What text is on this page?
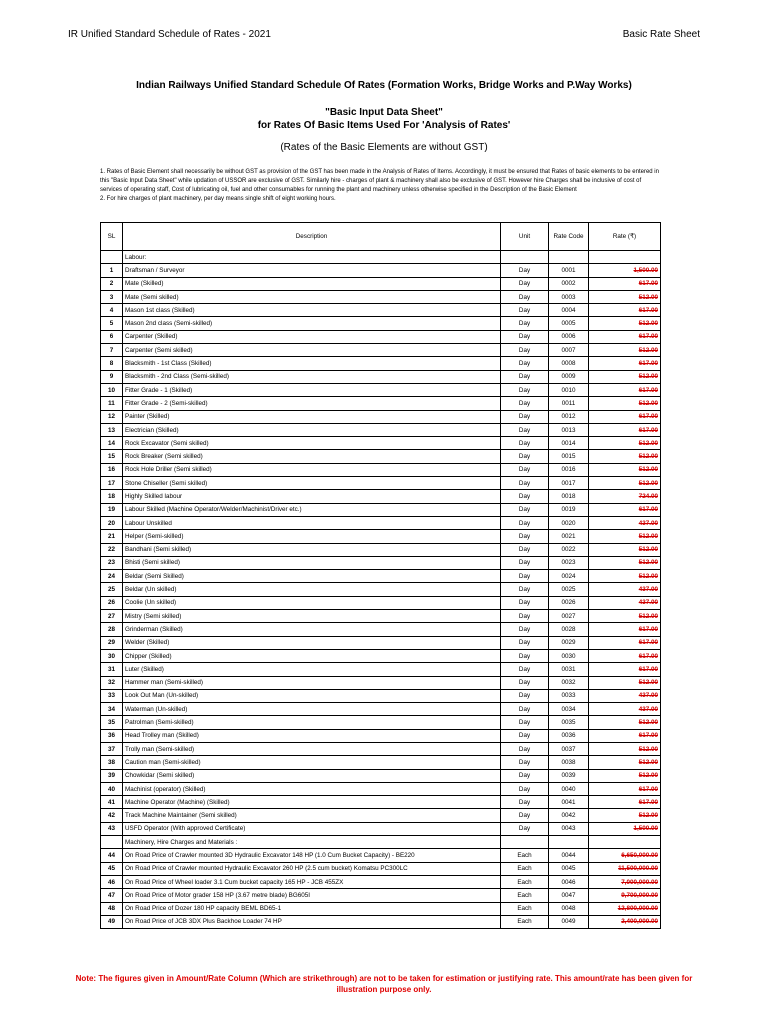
IR Unified Standard Schedule of Rates - 2021	Basic Rate Sheet
Indian Railways Unified Standard Schedule Of Rates (Formation Works, Bridge Works and P.Way Works)
"Basic Input Data Sheet"
for Rates Of Basic Items Used For 'Analysis of Rates'
(Rates of the Basic Elements are without GST)

1. Rates of Basic Element shall necessarily be without GST as provision of the GST has been made in the Analysis of Rates of Items. Accordingly, it must be ensured that Rates of basic elements to be entered in this "Basic Input Data Sheet" while updation of USSOR are exclusive of GST. Similarly hire - charges of plant & machinery shall also be exclusive of GST. However hire Charges shall be inclusive of cost of services of operating staff, Cost of lubricating oil, fuel and other consumables for running the plant and machinery unless otherwise specified in the Description of the Basic Element

2. For hire charges of plant machinery, per day means single shift of eight working hours.

SL	Description	Unit	Rate Code	Rate (₹)
	Labour:			
1	Draftsman / Surveyor	Day	0001	1,500.00
2	Mate (Skilled)	Day	0002	617.00
3	Mate (Semi skilled)	Day	0003	512.00
4	Mason 1st class (Skilled)	Day	0004	617.00
5	Mason 2nd class (Semi-skilled)	Day	0005	512.00
6	Carpenter (Skilled)	Day	0006	617.00
7	Carpenter (Semi skilled)	Day	0007	512.00
8	Blacksmith - 1st Class (Skilled)	Day	0008	617.00
9	Blacksmith - 2nd Class (Semi-skilled)	Day	0009	512.00
10	Fitter Grade - 1 (Skilled)	Day	0010	617.00
11	Fitter Grade - 2 (Semi-skilled)	Day	0011	512.00
12	Painter (Skilled)	Day	0012	617.00
13	Electrician (Skilled)	Day	0013	617.00
14	Rock Excavator (Semi skilled)	Day	0014	512.00
15	Rock Breaker (Semi skilled)	Day	0015	512.00
16	Rock Hole Driller (Semi skilled)	Day	0016	512.00
17	Stone Chiseller (Semi skilled)	Day	0017	512.00
18	Highly Skilled labour	Day	0018	724.00
19	Labour Skilled (Machine Operator/Welder/Machinist/Driver etc.)	Day	0019	617.00
20	Labour Unskilled	Day	0020	437.00
21	Helper (Semi-skilled)	Day	0021	512.00
22	Bandhani (Semi skilled)	Day	0022	512.00
23	Bhisti (Semi skilled)	Day	0023	512.00
24	Beldar (Semi Skilled)	Day	0024	512.00
25	Beldar (Un skilled)	Day	0025	437.00
26	Coolie (Un skilled)	Day	0026	437.00
27	Mistry (Semi skilled)	Day	0027	512.00
28	Grinderman (Skilled)	Day	0028	617.00
29	Welder (Skilled)	Day	0029	617.00
30	Chipper (Skilled)	Day	0030	617.00
31	Luter (Skilled)	Day	0031	617.00
32	Hammer man (Semi-skilled)	Day	0032	512.00
33	Look Out Man (Un-skilled)	Day	0033	437.00
34	Waterman (Un-skilled)	Day	0034	437.00
35	Patrolman (Semi-skilled)	Day	0035	512.00
36	Head Trolley man (Skilled)	Day	0036	617.00
37	Trolly man (Semi-skilled)	Day	0037	512.00
38	Caution man (Semi-skilled)	Day	0038	512.00
39	Chowkidar (Semi skilled)	Day	0039	512.00
40	Machinist (operator) (Skilled)	Day	0040	617.00
41	Machine Operator (Machine) (Skilled)	Day	0041	617.00
42	Track Machine Maintainer (Semi skilled)	Day	0042	512.00
43	USFD Operator (With approved Certificate)	Day	0043	1,500.00
	Machinery, Hire Charges and Materials :			
44	On Road Price of Crawler mounted 3D Hydraulic Excavator 148 HP (1.0 Cum Bucket Capacity) - BE220	Each	0044	6,650,000.00
45	On Road Price of Crawler mounted Hydraulic Excavator 260 HP (2.5 cum bucket) Komatsu PC300LC	Each	0045	11,500,000.00
46	On Road Price of Wheel loader 3.1 Cum bucket capacity 165 HP - JCB 455ZX	Each	0046	7,000,000.00
47	On Road Price of Motor grader 158 HP (3.67 metre blade) BG605I	Each	0047	9,700,000.00
48	On Road Price of Dozer 180 HP capacity BEML BD65-1	Each	0048	12,800,000.00
49	On Road Price of JCB 3DX Plus Backhoe Loader 74 HP	Each	0049	2,400,000.00
Note: The figures given in Amount/Rate Column (Which are strikethrough) are not to be taken for estimation or justifying rate. This amount/rate has been given for illustration purpose only.
